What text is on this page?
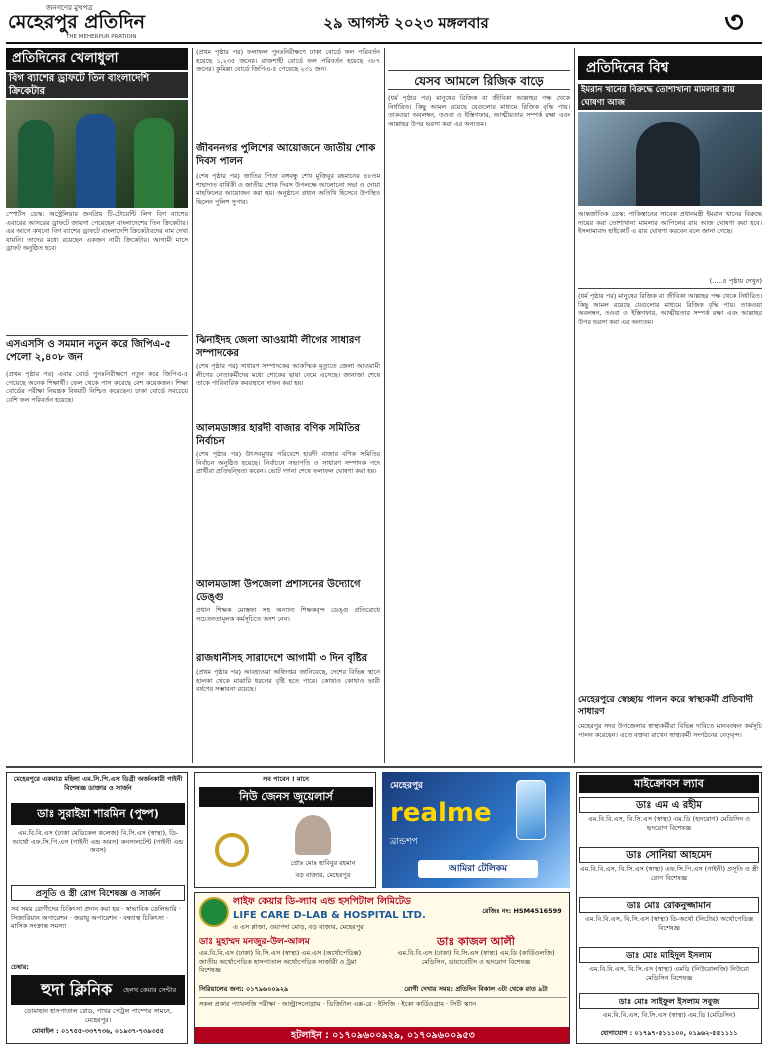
জনগণের মুখপত্র
মেহেরপুর প্রতিদিন
THE MEHERPUR PRATIDIN
২৯ আগস্ট ২০২৩ মঙ্গলবার	৩
প্রতিদিনের খেলাধুলা
বিগ ব্যাশের ড্রাফটে তিন বাংলাদেশি ক্রিকেটার
স্পোর্টস ডেস্ক: অস্ট্রেলিয়ার জনপ্রিয় টি-টোয়েন্টি লিগ বিগ ব্যাশের এবারের আসরের ড্রাফটে জায়গা পেয়েছেন বাংলাদেশের তিন ক্রিকেটার। এর আগে কখনো বিগ ব্যাশের ড্রাফটে বাংলাদেশি ক্রিকেটারদের নাম দেখা যায়নি। তাদের মধ্যে রয়েছেন একজন নারী ক্রিকেটার। আগামী মাসে ড্রাফট অনুষ্ঠিত হবে।
এসএসসি ও সমমান নতুন করে জিপিএ-৫ পেলো ২,৪০৮ জন
(প্রথম পৃষ্ঠার পর) এবার বোর্ড পুনঃনিরীক্ষণে নতুন করে জিপিএ-৫ পেয়েছে অনেক শিক্ষার্থী। ফেল থেকে পাস করেছে বেশ কয়েকজন। শিক্ষা বোর্ডের পরীক্ষা নিয়ন্ত্রক বিষয়টি নিশ্চিত করেছেন। ঢাকা বোর্ডে সবচেয়ে বেশি ফল পরিবর্তন হয়েছে।
(প্রথম পৃষ্ঠার পর) ফলাফল পুনঃনিরীক্ষণে ঢাকা বোর্ডে ফল পরিবর্তন হয়েছে ১,২৩৫ জনের। রাজশাহী বোর্ডে ফল পরিবর্তন হয়েছে ৩৮৭ জনের। কুমিল্লা বোর্ডে জিপিএ-৫ পেয়েছে ২৩১ জন।
জীবননগর পুলিশের আয়োজনে জাতীয় শোক দিবস পালন
(শেষ পৃষ্ঠার পর) জাতির পিতা বঙ্গবন্ধু শেখ মুজিবুর রহমানের ৪৮তম শাহাদাত বার্ষিকী ও জাতীয় শোক দিবস উপলক্ষে আলোচনা সভা ও দোয়া মাহফিলের আয়োজন করা হয়। অনুষ্ঠানে প্রধান অতিথি হিসেবে উপস্থিত ছিলেন পুলিশ সুপার।
ঝিনাইদহ জেলা আওয়ামী লীগের সাধারণ সম্পাদকের
(শেষ পৃষ্ঠার পর) সাধারণ সম্পাদকের আকস্মিক মৃত্যুতে জেলা আওয়ামী লীগের নেতাকর্মীদের মধ্যে শোকের ছায়া নেমে এসেছে। জানাজা শেষে তাকে পারিবারিক কবরস্থানে দাফন করা হয়।
আলমডাঙ্গার হারদী বাজার বণিক সমিতির নির্বাচন
(শেষ পৃষ্ঠার পর) উৎসবমুখর পরিবেশে হারদী বাজার বণিক সমিতির নির্বাচন অনুষ্ঠিত হয়েছে। নির্বাচনে সভাপতি ও সাধারণ সম্পাদক পদে প্রার্থীরা প্রতিদ্বন্দ্বিতা করেন। ভোট গণনা শেষে ফলাফল ঘোষণা করা হয়।
আলমডাঙ্গা উপজেলা প্রশাসনের উদ্যোগে ডেঙ্গু
প্রধান শিক্ষক মোস্তফা সহ অন্যান্য শিক্ষকবৃন্দ ডেঙ্গু প্রতিরোধে সচেতনতামূলক কর্মসূচিতে অংশ নেন।
রাজধানীসহ সারাদেশে আগামী ৩ দিন বৃষ্টির
(প্রথম পৃষ্ঠার পর) আবহাওয়া অধিদপ্তর জানিয়েছে, দেশের বিভিন্ন স্থানে হালকা থেকে মাঝারি ধরনের বৃষ্টি হতে পারে। কোথাও কোথাও ভারী বর্ষণের সম্ভাবনা রয়েছে।
যেসব আমলে রিজিক বাড়ে
(ধর্ম পৃষ্ঠার পর) মানুষের রিজিক বা জীবিকা আল্লাহর পক্ষ থেকে নির্ধারিত। কিছু আমল রয়েছে যেগুলোর মাধ্যমে রিজিক বৃদ্ধি পায়। তাকওয়া অবলম্বন, তওবা ও ইস্তিগফার, আত্মীয়তার সম্পর্ক রক্ষা এবং আল্লাহর উপর ভরসা করা এর অন্যতম।
প্রতিদিনের বিশ্ব
ইমরান খানের বিরুদ্ধে তোশাখানা মামলার রায় ঘোষণা আজ
আন্তর্জাতিক ডেস্ক: পাকিস্তানের সাবেক প্রধানমন্ত্রী ইমরান খানের বিরুদ্ধে দায়ের করা তোশাখানা মামলার আপিলের রায় আজ ঘোষণা করা হবে। ইসলামাবাদ হাইকোর্ট এ রায় ঘোষণা করবেন বলে জানা গেছে।
(.....৫ পৃষ্ঠায় দেখুন)
(ধর্ম পৃষ্ঠার পর) মানুষের রিজিক বা জীবিকা আল্লাহর পক্ষ থেকে নির্ধারিত। কিছু আমল রয়েছে যেগুলোর মাধ্যমে রিজিক বৃদ্ধি পায়। তাকওয়া অবলম্বন, তওবা ও ইস্তিগফার, আত্মীয়তার সম্পর্ক রক্ষা এবং আল্লাহর উপর ভরসা করা এর অন্যতম।
মেহেরপুরে স্বেচ্ছায় পালন করে স্বাস্থ্যকর্মী প্রতিবাদী সাধারণ
মেহেরপুর সদর উপজেলার স্বাস্থ্যকর্মীরা বিভিন্ন দাবিতে মানববন্ধন কর্মসূচি পালন করেছেন। এতে বক্তব্য রাখেন স্বাস্থ্যকর্মী সংগঠনের নেতৃবৃন্দ।
মেহেরপুরে একমাত্র মহিলা এম.সি.পি.এস ডিগ্রী অর্জনকারী গাইনী বিশেষজ্ঞ ডাক্তার ও সার্জন
ডাঃ সুরাইয়া শারমিন (পুষ্প)
এম.বি.বি.এস (ঢাকা মেডিকেল কলেজ) বি.সি.এস (স্বাস্থ্য), ডি-আর্থো এফ.সি.পি.এস (গাইনী এন্ড অবস) কনসালটেন্ট (গাইনী এন্ড অবস)
প্রসূতি ও স্ত্রী রোগ বিশেষজ্ঞ ও সার্জন
সব সময় রোগীদের চিকিৎসা প্রদান করা হয় · স্বাভাবিক ডেলিভারি · সিজারিয়ান অপারেশন · জরায়ু অপারেশন · বন্ধ্যাত্ব চিকিৎসা · মাসিক সংক্রান্ত সমস্যা
চেম্বার:
হুদা ক্লিনিক হেলথ কেয়ার সেন্টার
ডোমাহান হাসপাতাল রোড, পাখর পেট্রল পাম্পের সামনে, মেহেরপুর।
মোবাইল : ০১৭৫৫-৩৩৭৭৩৬, ০১৯৩৭-৭৩৯৩৫৫
সব পাবেন ! মানে
নিউ জেনস জুয়েলার্স
প্রোঃ মোঃ হাবিবুর রহমান
বড় বাজার, মেহেরপুর
মেহেরপুর
realme
ব্রান্ডশপ
আমিরা টেলিকম
মাইক্রোবস ল্যাব
ডাঃ এম এ রহীম
এম.বি.বি.এস, বি.সি.এস (স্বাস্থ্য) এম.ডি (হৃদরোগ) মেডিসিন ও হৃদরোগ বিশেষজ্ঞ
ডাঃ সোনিয়া আহমেদ
এম.বি.বি.এস, বি.সি.এস (স্বাস্থ্য) এফ.সি.পি.এস (গাইনী) প্রসূতি ও স্ত্রী রোগ বিশেষজ্ঞ
ডাঃ মোঃ রোকনুজ্জামান
এম.বি.বি.এস, বি.সি.এস (স্বাস্থ্য) ডি-অর্থো (নিটোর) অর্থোপেডিক্স বিশেষজ্ঞ
ডাঃ মোঃ মাহিদুল ইসলাম
এম.বি.বি.এস, বি.সি.এস (স্বাস্থ্য) এমডি (নিউরোলজি) নিউরো মেডিসিন বিশেষজ্ঞ
ডাঃ মোঃ সাইফুল ইসলাম সবুজ
এম.বি.বি.এস, বি.সি.এস (স্বাস্থ্য) এম.ডি (মেডিসিন)
যোগাযোগ : ০১৭৯৭-৫১১১০০, ০১৯৬২-৫৫১১১১
লাইফ কেয়ার ডি-ল্যাব এন্ড হসপিটাল লিমিটেড
LIFE CARE D-LAB & HOSPITAL LTD.
এ এস প্লাজা, ওয়াপদা মোড়, বড় বাজার, মেহেরপুর
রেজিঃ নং: HSM4516599
ডাঃ মুহাম্মদ মনজুর-উল-আলম
এম.বি.বি.এস (ঢাকা) বি.সি.এস (স্বাস্থ্য) এম.এস (অর্থোপেডিক্স) জাতীয় অর্থোপেডিক হাসপাতাল অর্থোপেডিক সার্জারী ও ট্রমা বিশেষজ্ঞ
সিরিয়ালের জন্য: ০১৭৯৬০০৯২৯
ডাঃ কাজল আলী
এম.বি.বি.এস (ঢাকা) বি.সি.এস (স্বাস্থ্য) এম.ডি (কার্ডিওলজি) মেডিসিন, ডায়াবেটিস ও হৃদরোগ বিশেষজ্ঞ
রোগী দেখার সময়: প্রতিদিন বিকাল ৩টা থেকে রাত ৯টা
সকল প্রকার প্যাথলজি পরীক্ষা · আল্ট্রাসনোগ্রাম · ডিজিটাল এক্স-রে · ইসিজি · ইকো কার্ডিওগ্রাম · সিটি স্ক্যান
হটলাইন : ০১৭০৯৬০০৯২৯, ০১৭০৯৬০০৯৫৩
